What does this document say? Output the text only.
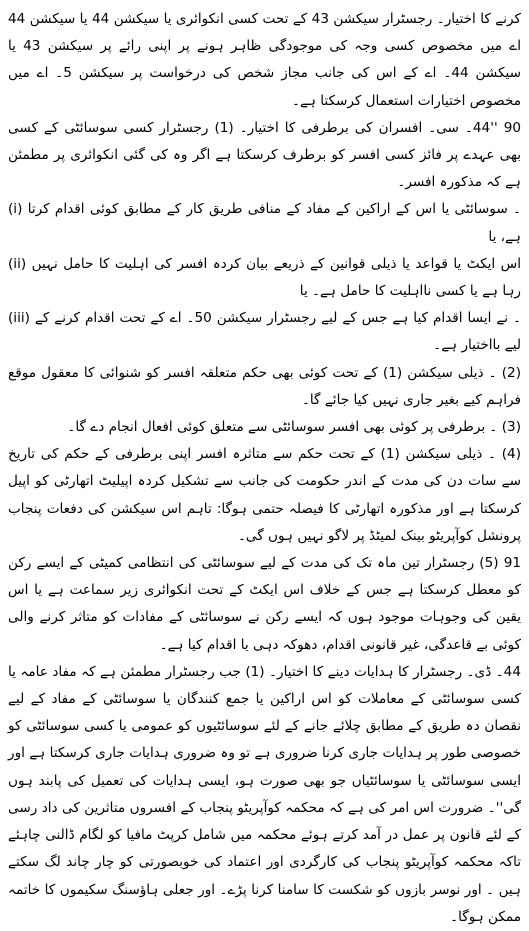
کرنے کا اختیار۔ رجسٹرار سیکشن 43 کے تحت کسی انکوائری یا سیکشن 44 یا سیکشن 44 اے میں مخصوص کسی وجہ کی موجودگی ظاہر ہونے پر اپنی رائے پر سیکشن 43 یا سیکشن 44۔ اے کے اس کی جانب مجاز شخص کی درخواست پر سیکشن 5۔ اے میں مخصوص اختیارات استعمال کرسکتا ہے۔

90 ''44۔ سی۔ افسران کی برطرفی کا اختیار۔ (1) رجسٹرار کسی سوسائٹی کے کسی بھی عہدے پر فائز کسی افسر کو برطرف کرسکتا ہے اگر وہ کی گئی انکوائری پر مطمئن ہے کہ مذکورہ افسر۔

(i) ۔ سوسائٹی یا اس کے اراکین کے مفاد کے منافی طریق کار کے مطابق کوئی اقدام کرتا ہے، یا

(ii) اس ایکٹ یا قواعد یا ذیلی قوانین کے ذریعے بیان کردہ افسر کی اہلیت کا حامل نہیں رہا ہے یا کسی نااہلیت کا حامل ہے۔ یا

(iii) ۔ نے ایسا اقدام کیا ہے جس کے لیے رجسٹرار سیکشن 50۔ اے کے تحت اقدام کرنے کے لیے بااختیار ہے۔

(2) ۔ ذیلی سیکشن (1) کے تحت کوئی بھی حکم متعلقہ افسر کو شنوائی کا معقول موقع فراہم کیے بغیر جاری نہیں کیا جائے گا۔

(3) ۔ برطرفی پر کوئی بھی افسر سوسائٹی سے متعلق کوئی افعال انجام دے گا۔

(4) ۔ ذیلی سیکشن (1) کے تحت حکم سے متاثرہ افسر اپنی برطرفی کے حکم کی تاریخ سے سات دن کی مدت کے اندر حکومت کی جانب سے تشکیل کردہ اپیلیٹ اتھارٹی کو اپیل کرسکتا ہے اور مذکورہ اتھارٹی کا فیصلہ حتمی ہوگا: تاہم اس سیکشن کی دفعات پنجاب پرونشل کوآپریٹو بینک لمیٹڈ پر لاگو نہیں ہوں گی۔

91 (5) رجسٹرار تین ماہ تک کی مدت کے لیے سوسائٹی کی انتظامی کمیٹی کے ایسے رکن کو معطل کرسکتا ہے جس کے خلاف اس ایکٹ کے تحت انکوائری زیر سماعت ہے یا اس یقین کی وجوہات موجود ہوں کہ ایسے رکن نے سوسائٹی کے مفادات کو متاثر کرنے والی کوئی بے قاعدگی، غیر قانونی اقدام، دھوکہ دہی یا اقدام کیا ہے۔

44۔ ڈی۔ رجسٹرار کا ہدایات دینے کا اختیار۔ (1) جب رجسٹرار مطمئن ہے کہ مفاد عامہ یا کسی سوسائٹی کے معاملات کو اس اراکین یا جمع کنندگان یا سوسائٹی کے مفاد کے لیے نقصان دہ طریق کے مطابق چلائے جانے کے لئے سوسائٹیوں کو عمومی یا کسی سوسائٹی کو خصوصی طور پر ہدایات جاری کرنا ضروری ہے تو وہ ضروری ہدایات جاری کرسکتا ہے اور ایسی سوسائٹی یا سوسائٹیاں جو بھی صورت ہو، ایسی ہدایات کی تعمیل کی پابند ہوں گی''۔ ضرورت اس امر کی ہے کہ محکمہ کوآپریٹو پنجاب کے افسروں متاثرین کی داد رسی کے لئے قانون پر عمل در آمد کرتے ہوئے محکمہ میں شامل کرپٹ مافیا کو لگام ڈالنی چاہئے تاکہ محکمہ کوآپریٹو پنجاب کی کارگردی اور اعتماد کی خوبصورتی کو چار چاند لگ سکتے ہیں ۔ اور نوسر بازوں کو شکست کا سامنا کرنا پڑے۔ اور جعلی ہاؤسنگ سکیموں کا خاتمہ ممکن ہوگا۔
